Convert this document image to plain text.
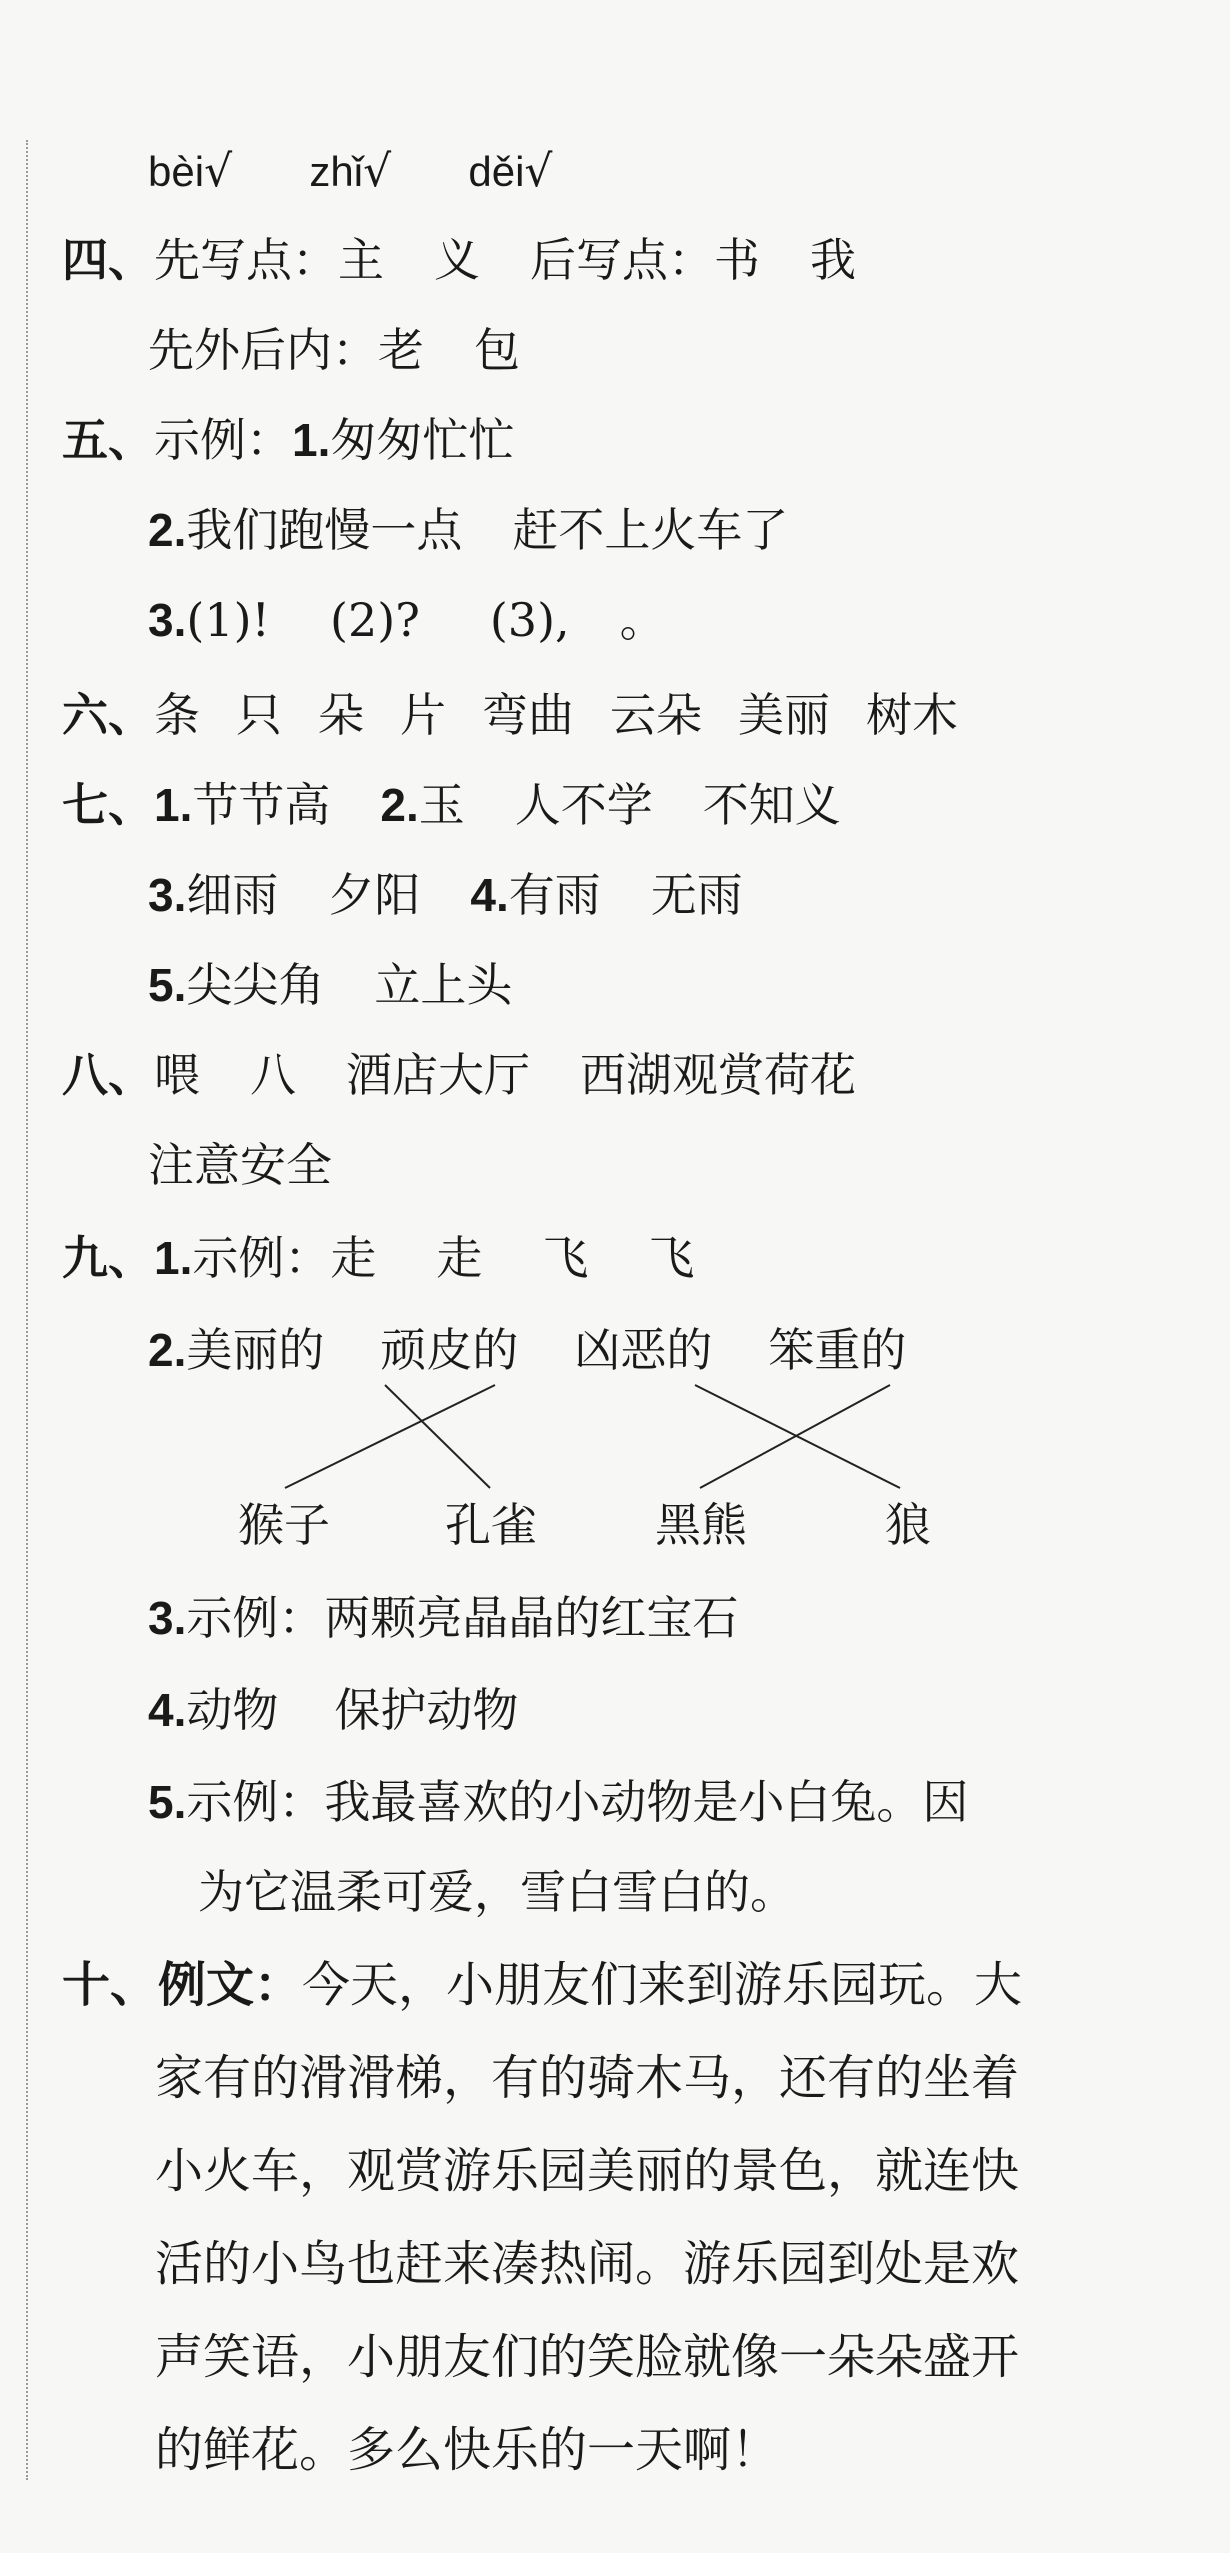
bèi√ zhǐ√ děi√
四、先写点：主 义 后写点：书 我
先外后内：老 包
五、示例：1.匆匆忙忙
2.我们跑慢一点 赶不上火车了
3.(1)! (2)? (3), 。
六、条 只 朵 片 弯曲 云朵 美丽 树木
七、1.节节高 2.玉 人不学 不知义
3.细雨 夕阳 4.有雨 无雨
5.尖尖角 立上头
八、喂 八 酒店大厅 西湖观赏荷花
注意安全
九、1.示例：走 走 飞 飞
2.美丽的 顽皮的 凶恶的 笨重的
猴子	孔雀	黑熊	狼
3.示例：两颗亮晶晶的红宝石
4.动物 保护动物
5.示例：我最喜欢的小动物是小白兔。因
为它温柔可爱，雪白雪白的。
十、例文：今天，小朋友们来到游乐园玩。大
家有的滑滑梯，有的骑木马，还有的坐着
小火车，观赏游乐园美丽的景色，就连快
活的小鸟也赶来凑热闹。游乐园到处是欢
声笑语，小朋友们的笑脸就像一朵朵盛开
的鲜花。多么快乐的一天啊！
